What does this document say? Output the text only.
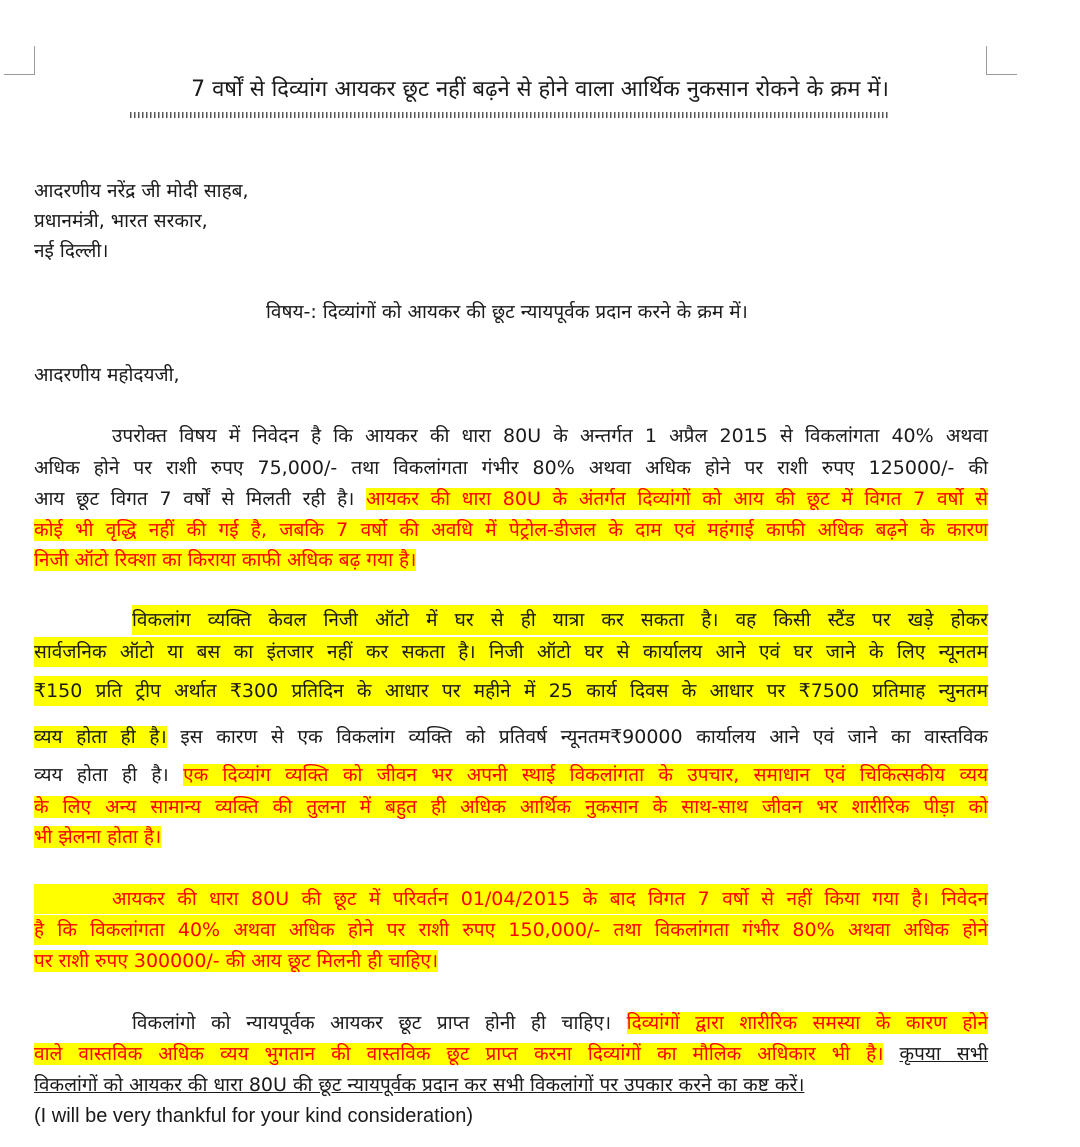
7 वर्षों से दिव्यांग आयकर छूट नहीं बढ़ने से होने वाला आर्थिक नुकसान रोकने के क्रम में।
आदरणीय नरेंद्र जी मोदी साहब,
प्रधानमंत्री, भारत सरकार,
नई दिल्ली।
विषय-: दिव्यांगों को आयकर की छूट न्यायपूर्वक प्रदान करने के क्रम में।
आदरणीय महोदयजी,
उपरोक्त विषय में निवेदन है कि आयकर की धारा 80U के अन्तर्गत 1 अप्रैल 2015 से विकलांगता 40% अथवा
अधिक होने पर राशी रुपए 75,000/- तथा विकलांगता गंभीर 80% अथवा अधिक होने पर राशी रुपए 125000/- की
आय छूट विगत 7 वर्षों से मिलती रही है। आयकर की धारा 80U के अंतर्गत दिव्यांगों को आय की छूट में विगत 7 वर्षो से
कोई भी वृद्धि नहीं की गई है, जबकि 7 वर्षो की अवधि में पेट्रोल-डीजल के दाम एवं महंगाई काफी अधिक बढ़ने के कारण
निजी ऑटो रिक्शा का किराया काफी अधिक बढ़ गया है।
विकलांग व्यक्ति केवल निजी ऑटो में घर से ही यात्रा कर सकता है। वह किसी स्टैंड पर खड़े होकर
सार्वजनिक ऑटो या बस का इंतजार नहीं कर सकता है। निजी ऑटो घर से कार्यालय आने एवं घर जाने के लिए न्यूनतम
₹150 प्रति ट्रीप अर्थात ₹300 प्रतिदिन के आधार पर महीने में 25 कार्य दिवस के आधार पर ₹7500 प्रतिमाह न्युनतम
व्यय होता ही है। इस कारण से एक विकलांग व्यक्ति को प्रतिवर्ष न्यूनतम₹90000 कार्यालय आने एवं जाने का वास्तविक
व्यय होता ही है। एक दिव्यांग व्यक्ति को जीवन भर अपनी स्थाई विकलांगता के उपचार, समाधान एवं चिकित्सकीय व्यय
के लिए अन्य सामान्य व्यक्ति की तुलना में बहुत ही अधिक आर्थिक नुकसान के साथ-साथ जीवन भर शारीरिक पीड़ा को
भी झेलना होता है।
आयकर की धारा 80U की छूट में परिवर्तन 01/04/2015 के बाद विगत 7 वर्षो से नहीं किया गया है। निवेदन
है कि विकलांगता 40% अथवा अधिक होने पर राशी रुपए 150,000/- तथा विकलांगता गंभीर 80% अथवा अधिक होने
पर राशी रुपए 300000/- की आय छूट मिलनी ही चाहिए।
विकलांगो को न्यायपूर्वक आयकर छूट प्राप्त होनी ही चाहिए। दिव्यांगों द्वारा शारीरिक समस्या के कारण होने
वाले वास्तविक अधिक व्यय भुगतान की वास्तविक छूट प्राप्त करना दिव्यांगों का मौलिक अधिकार भी है। कृपया सभी
विकलांगों को आयकर की धारा 80U की छूट न्यायपूर्वक प्रदान कर सभी विकलांगों पर उपकार करने का कष्ट करें।
(I will be very thankful for your kind consideration)
